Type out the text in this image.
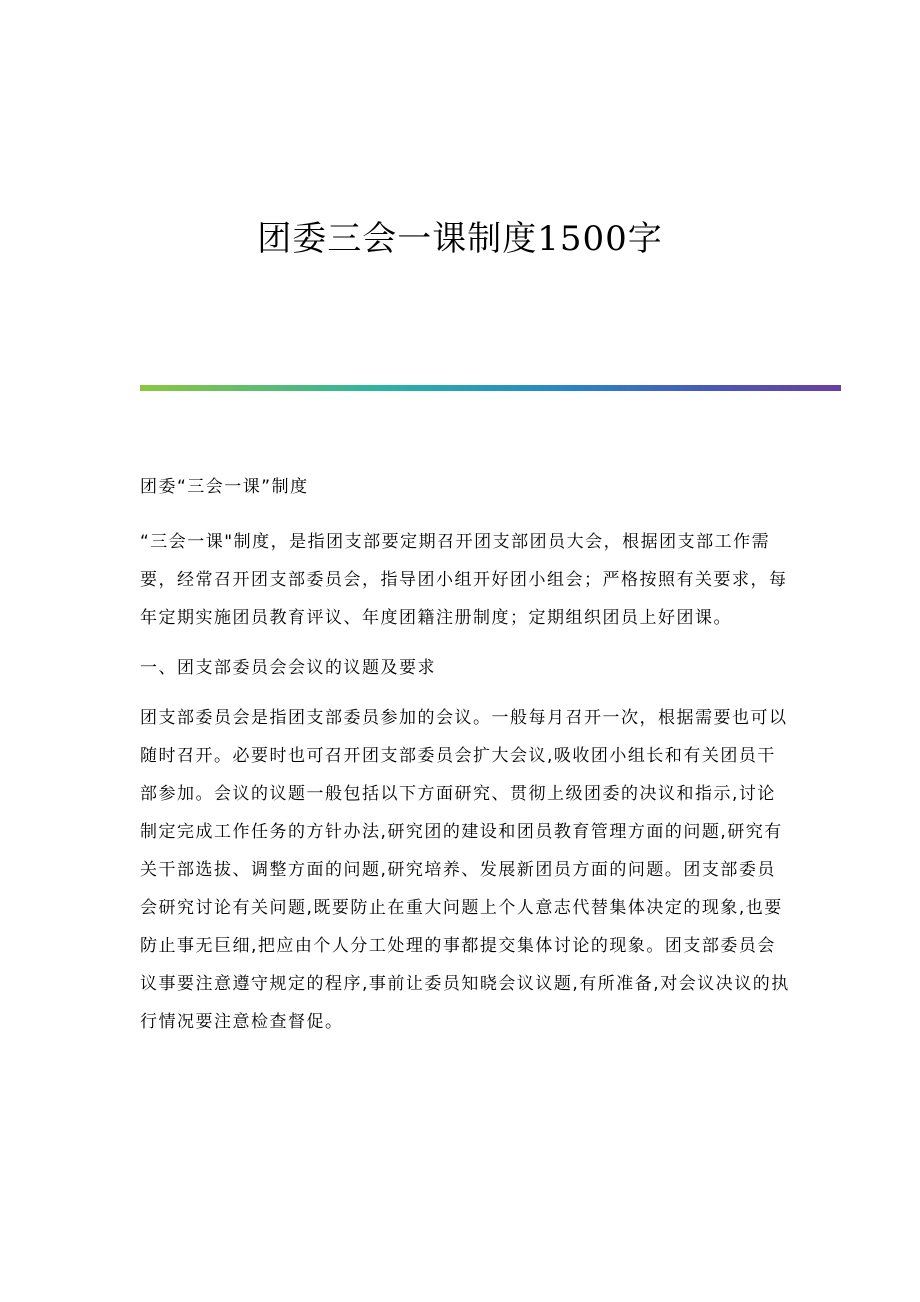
团委三会一课制度1500字

团委“三会一课”制度

“三会一课"制度，是指团支部要定期召开团支部团员大会，根据团支部工作需要，经常召开团支部委员会，指导团小组开好团小组会；严格按照有关要求，每年定期实施团员教育评议、年度团籍注册制度；定期组织团员上好团课。

一、团支部委员会会议的议题及要求

团支部委员会是指团支部委员参加的会议。一般每月召开一次，根据需要也可以随时召开。必要时也可召开团支部委员会扩大会议,吸收团小组长和有关团员干部参加。会议的议题一般包括以下方面研究、贯彻上级团委的决议和指示,讨论制定完成工作任务的方针办法,研究团的建设和团员教育管理方面的问题,研究有关干部选拔、调整方面的问题,研究培养、发展新团员方面的问题。团支部委员会研究讨论有关问题,既要防止在重大问题上个人意志代替集体决定的现象,也要防止事无巨细,把应由个人分工处理的事都提交集体讨论的现象。团支部委员会议事要注意遵守规定的程序,事前让委员知晓会议议题,有所准备,对会议决议的执行情况要注意检查督促。
